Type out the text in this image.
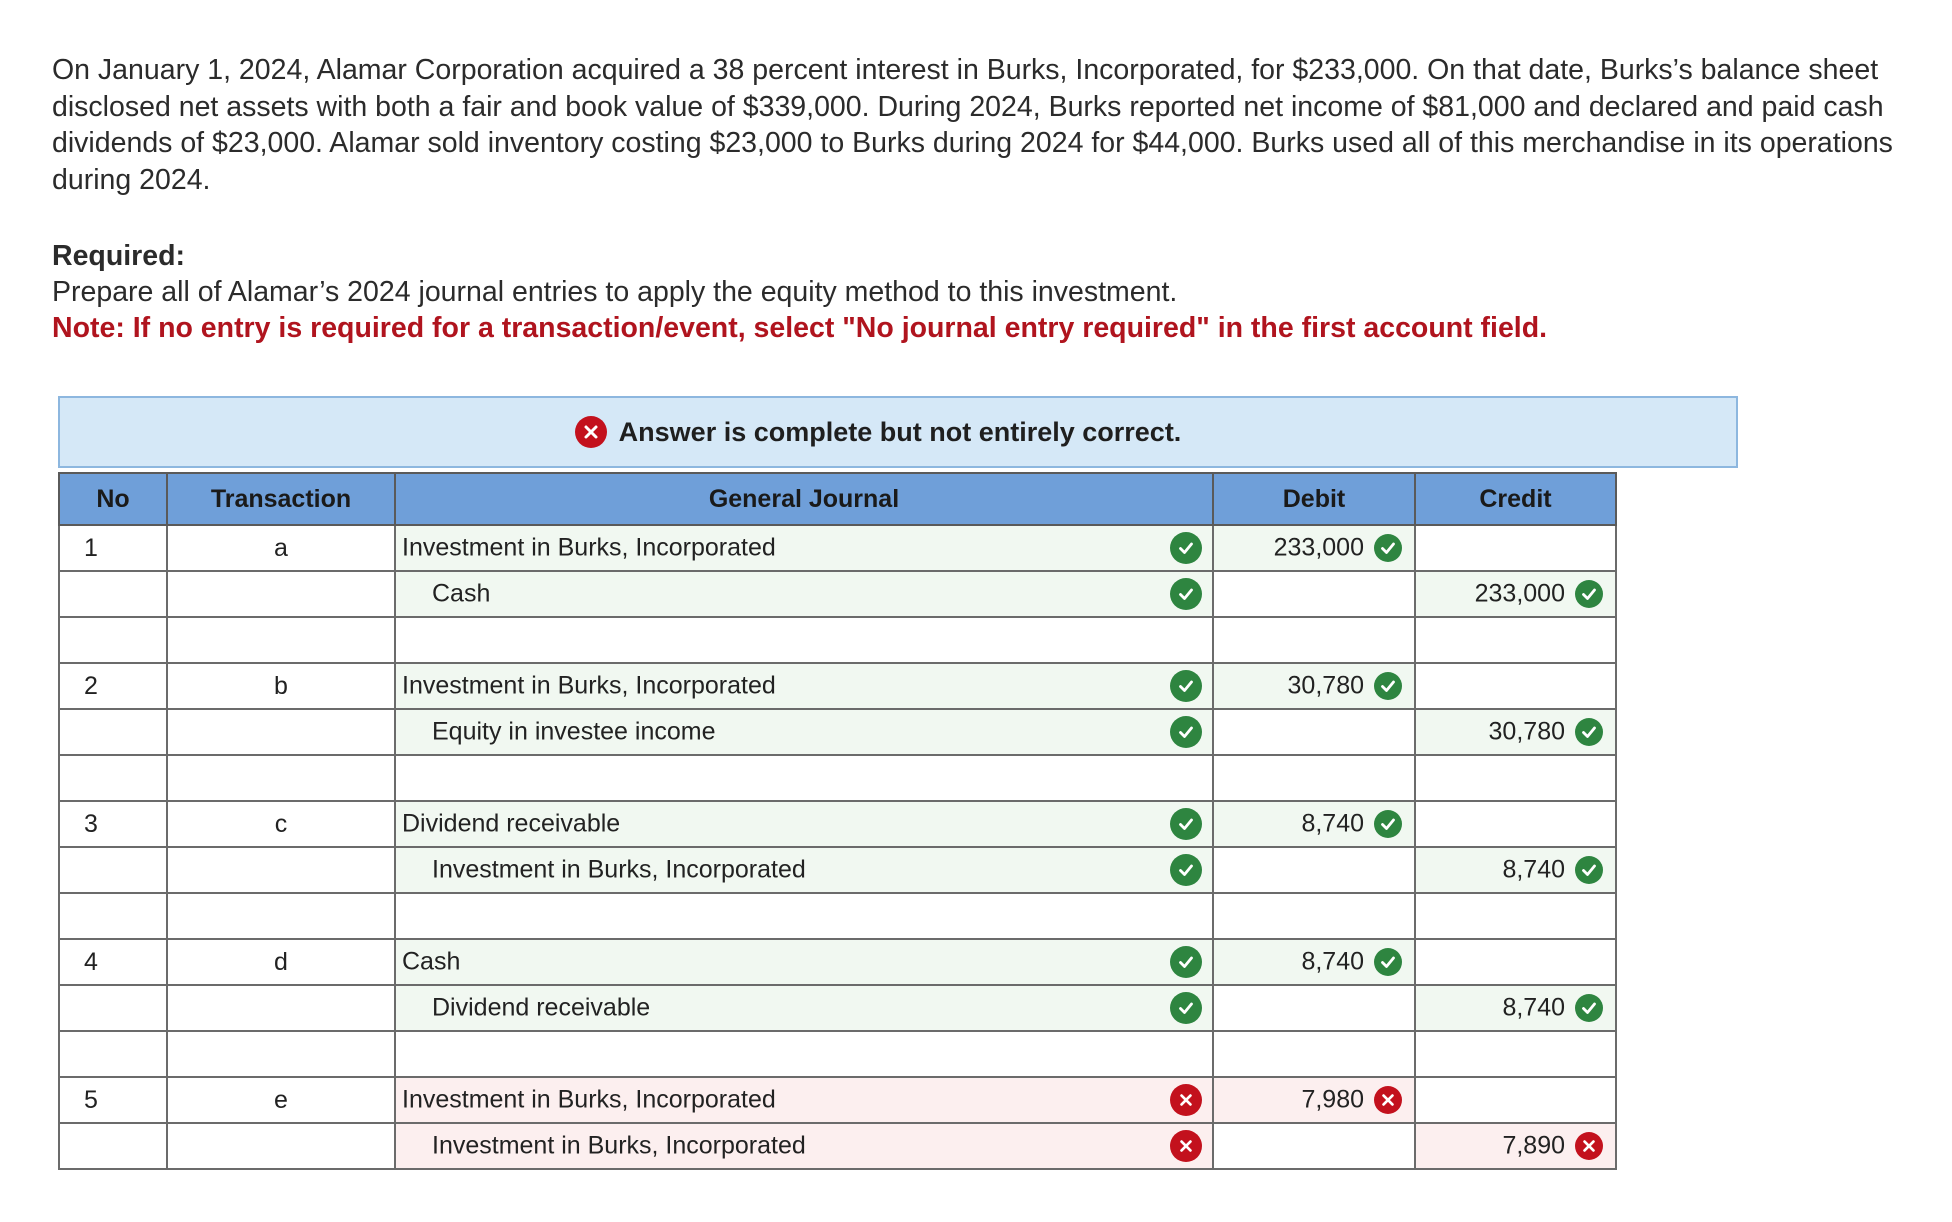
On January 1, 2024, Alamar Corporation acquired a 38 percent interest in Burks, Incorporated, for $233,000. On that date, Burks’s balance sheet disclosed net assets with both a fair and book value of $339,000. During 2024, Burks reported net income of $81,000 and declared and paid cash dividends of $23,000. Alamar sold inventory costing $23,000 to Burks during 2024 for $44,000. Burks used all of this merchandise in its operations during 2024.
Required:
Prepare all of Alamar’s 2024 journal entries to apply the equity method to this investment.
Note: If no entry is required for a transaction/event, select "No journal entry required" in the first account field.
Answer is complete but not entirely correct.
No	Transaction	General Journal	Debit	Credit
1	a	Investment in Burks, Incorporated	233,000	

		Cash		233,000

2	b	Investment in Burks, Incorporated	30,780	

		Equity in investee income		30,780

3	c	Dividend receivable	8,740	

		Investment in Burks, Incorporated		8,740

4	d	Cash	8,740	

		Dividend receivable		8,740

5	e	Investment in Burks, Incorporated	7,980	

		Investment in Burks, Incorporated		7,890
